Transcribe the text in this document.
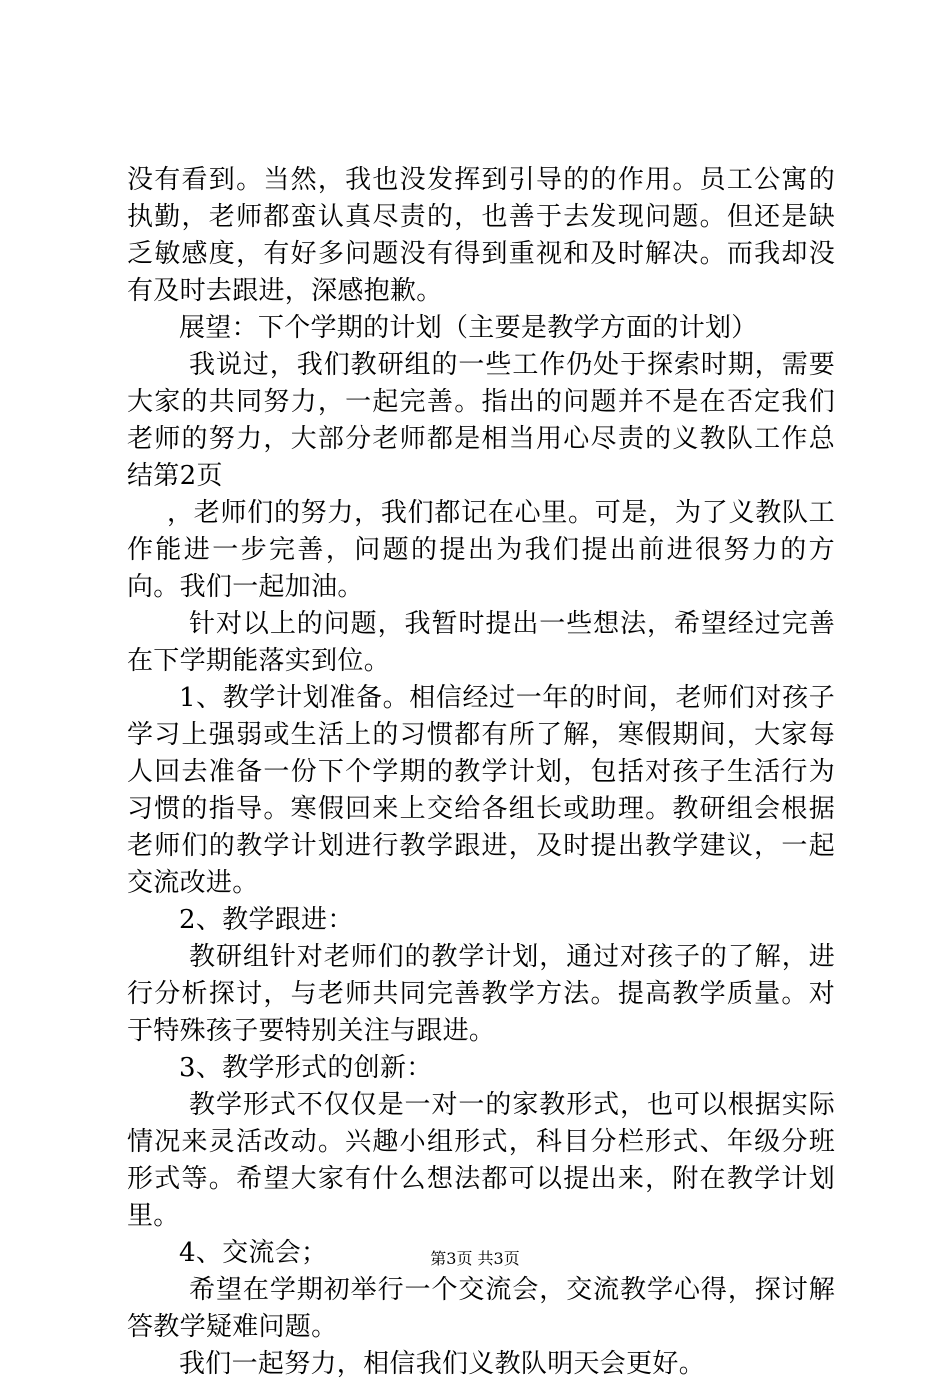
没有看到。当然，我也没发挥到引导的的作用。员工公寓的执勤，老师都蛮认真尽责的，也善于去发现问题。但还是缺乏敏感度，有好多问题没有得到重视和及时解决。而我却没有及时去跟进，深感抱歉。

展望：下个学期的计划（主要是教学方面的计划）

我说过，我们教研组的一些工作仍处于探索时期，需要大家的共同努力，一起完善。指出的问题并不是在否定我们老师的努力，大部分老师都是相当用心尽责的义教队工作总结第2页

，老师们的努力，我们都记在心里。可是，为了义教队工作能进一步完善，问题的提出为我们提出前进很努力的方向。我们一起加油。

针对以上的问题，我暂时提出一些想法，希望经过完善在下学期能落实到位。

1、教学计划准备。相信经过一年的时间，老师们对孩子学习上强弱或生活上的习惯都有所了解，寒假期间，大家每人回去准备一份下个学期的教学计划，包括对孩子生活行为习惯的指导。寒假回来上交给各组长或助理。教研组会根据老师们的教学计划进行教学跟进，及时提出教学建议，一起交流改进。

2、教学跟进：

教研组针对老师们的教学计划，通过对孩子的了解，进行分析探讨，与老师共同完善教学方法。提高教学质量。对于特殊孩子要特别关注与跟进。

3、教学形式的创新：

教学形式不仅仅是一对一的家教形式，也可以根据实际情况来灵活改动。兴趣小组形式，科目分栏形式、年级分班形式等。希望大家有什么想法都可以提出来，附在教学计划里。

4、交流会；

希望在学期初举行一个交流会，交流教学心得，探讨解答教学疑难问题。

我们一起努力，相信我们义教队明天会更好。

第3页 共3页
